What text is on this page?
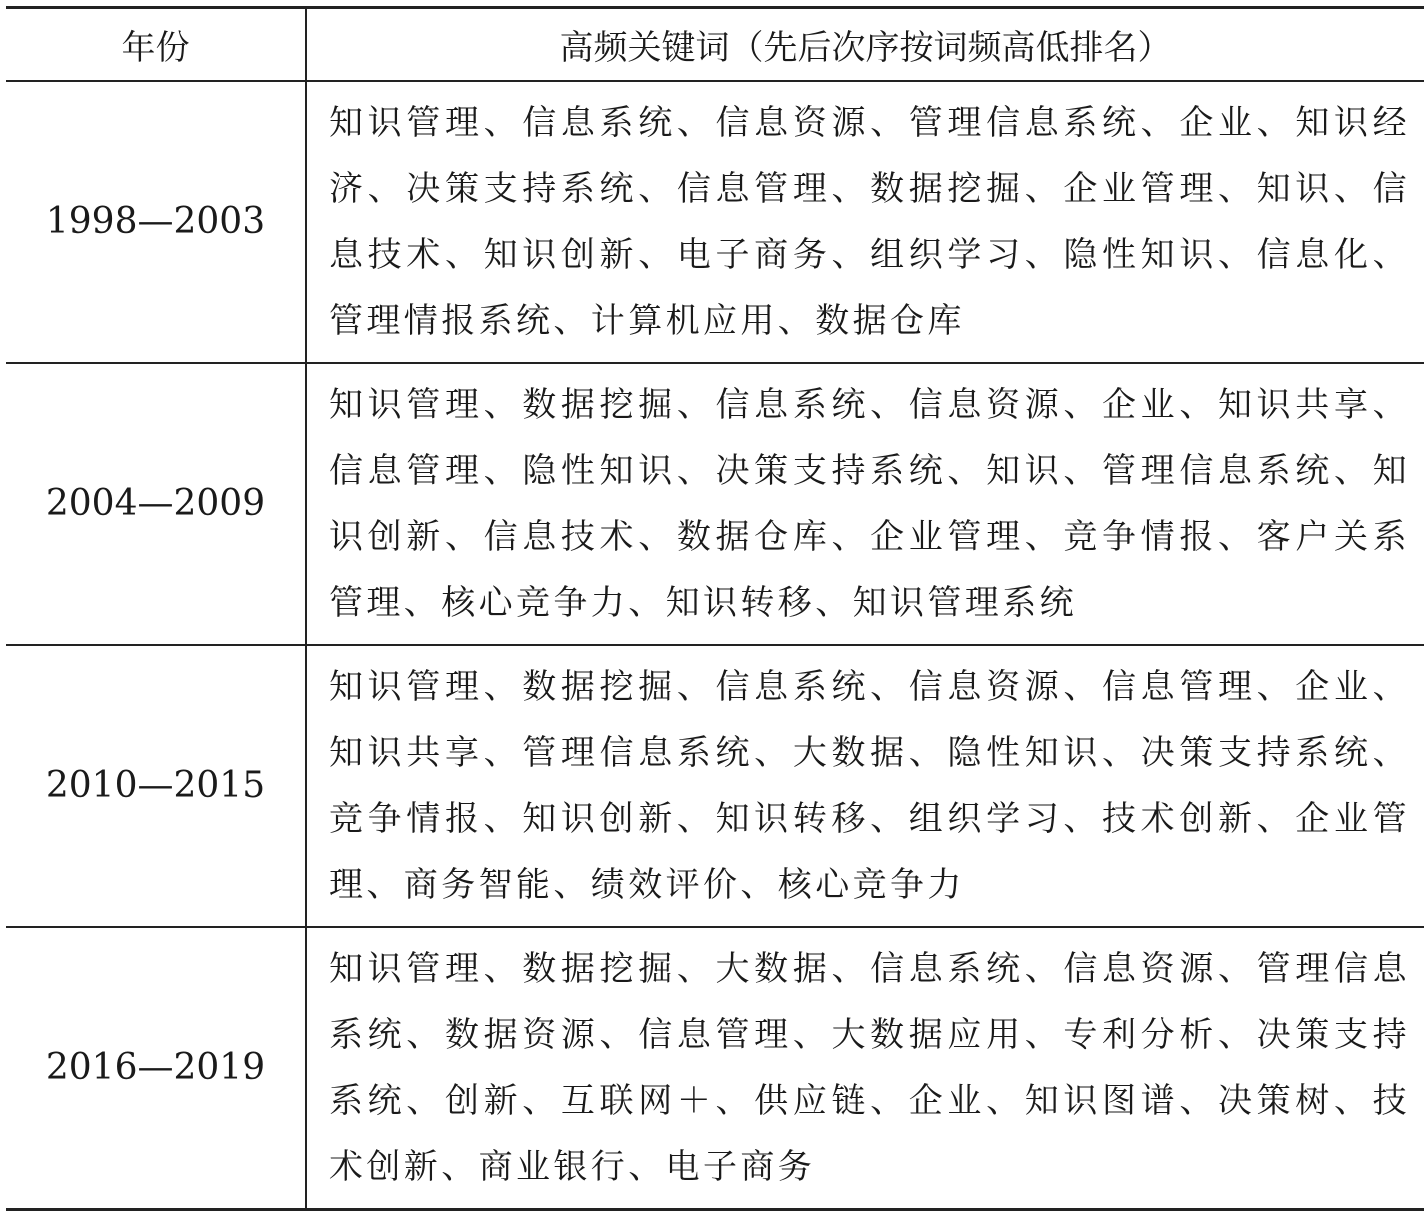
年份	高频关键词（先后次序按词频高低排名）
1998—2003	知识管理、信息系统、信息资源、管理信息系统、企业、知识经济、决策支持系统、信息管理、数据挖掘、企业管理、知识、信息技术、知识创新、电子商务、组织学习、隐性知识、信息化、管理情报系统、计算机应用、数据仓库
2004—2009	知识管理、数据挖掘、信息系统、信息资源、企业、知识共享、信息管理、隐性知识、决策支持系统、知识、管理信息系统、知识创新、信息技术、数据仓库、企业管理、竞争情报、客户关系管理、核心竞争力、知识转移、知识管理系统
2010—2015	知识管理、数据挖掘、信息系统、信息资源、信息管理、企业、知识共享、管理信息系统、大数据、隐性知识、决策支持系统、竞争情报、知识创新、知识转移、组织学习、技术创新、企业管理、商务智能、绩效评价、核心竞争力
2016—2019	知识管理、数据挖掘、大数据、信息系统、信息资源、管理信息系统、数据资源、信息管理、大数据应用、专利分析、决策支持系统、创新、互联网＋、供应链、企业、知识图谱、决策树、技术创新、商业银行、电子商务
